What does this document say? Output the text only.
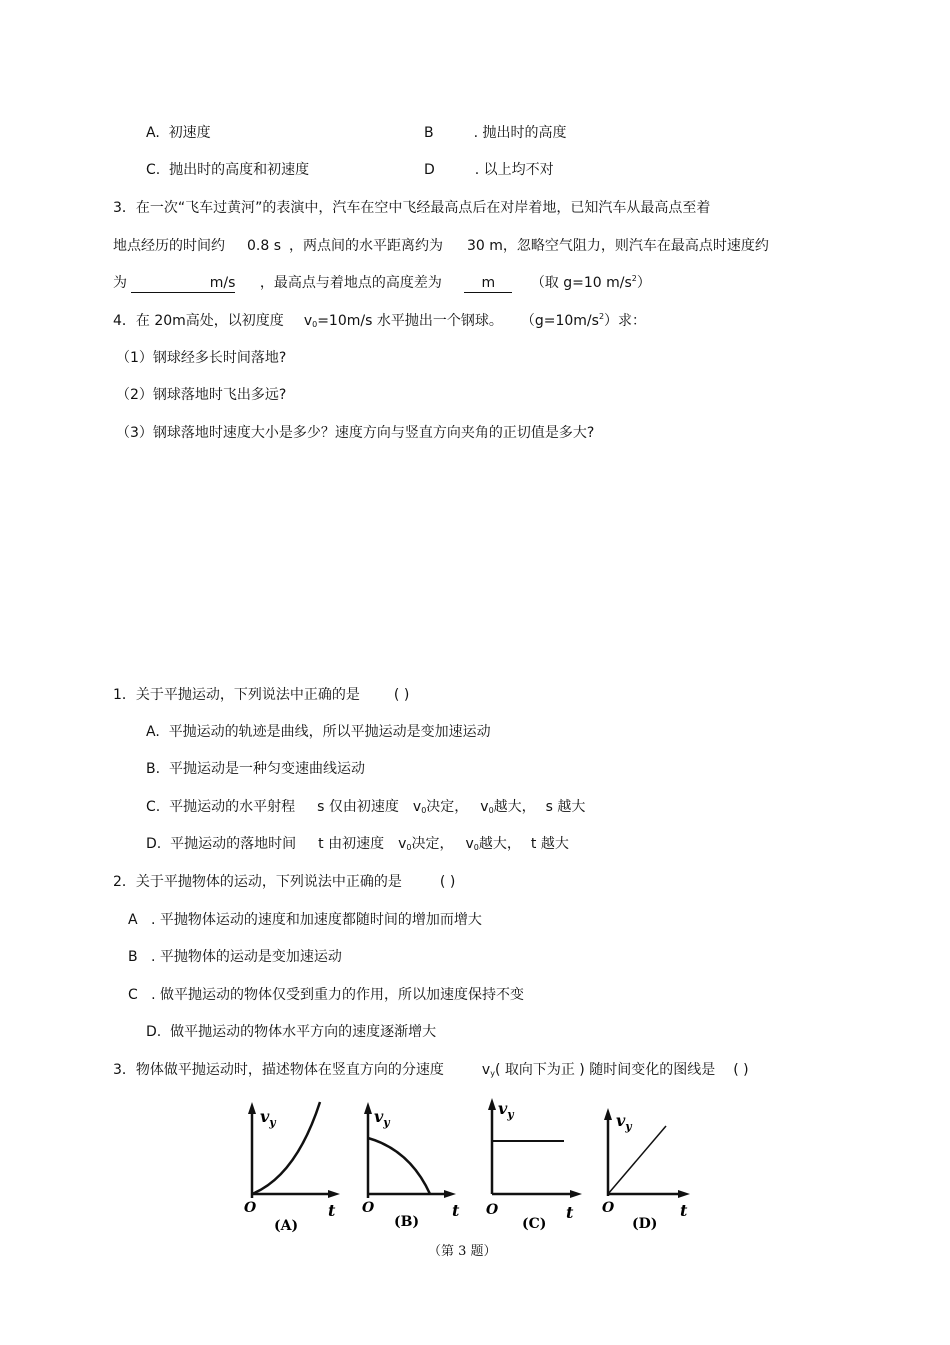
A. 初速度	B	. 抛出时的高度
C. 抛出时的高度和初速度	D	. 以上均不对
3．在一次“飞车过黄河”的表演中，汽车在空中飞经最高点后在对岸着地，已知汽车从最高点至着
地点经历的时间约 0.8 s ，两点间的水平距离约为 30 m，忽略空气阻力，则汽车在最高点时速度约
为	m/s ，最高点与着地点的高度差为	m	（取 g=10 $m/s^2$）
4．在 20m高处，以初度度 $v_0=10m/s$ 水平抛出一个钢球。 $(g=10m/s^2)$求：
（1）钢球经多长时间落地?
（2）钢球落地时飞出多远?
（3）钢球落地时速度大小是多少？速度方向与竖直方向夹角的正切值是多大?
1．关于平抛运动，下列说法中正确的是 ( )
A. 平抛运动的轨迹是曲线，所以平抛运动是变加速运动
B. 平抛运动是一种匀变速曲线运动
C. 平抛运动的水平射程 s 仅由初速度 $v_0$决定， $v_0$越大， s 越大
D. 平抛运动的落地时间 t 由初速度 $v_0$决定， $v_0$越大， t 越大
2．关于平抛物体的运动，下列说法中正确的是	( )
A . 平抛物体运动的速度和加速度都随时间的增加而增大
B . 平抛物体的运动是变加速运动
C . 做平抛运动的物体仅受到重力的作用，所以加速度保持不变
D. 做平抛运动的物体水平方向的速度逐渐增大
3．物体做平抛运动时，描述物体在竖直方向的分速度	$v_y$( 取向下为正 ) 随时间变化的图线是 ( )
$v_y$
O	t
(A)
$v_y$
O	t
(B)
$v_y$
O	t
(C)
$v_y$
O	t
(D)
（第 3 题）
